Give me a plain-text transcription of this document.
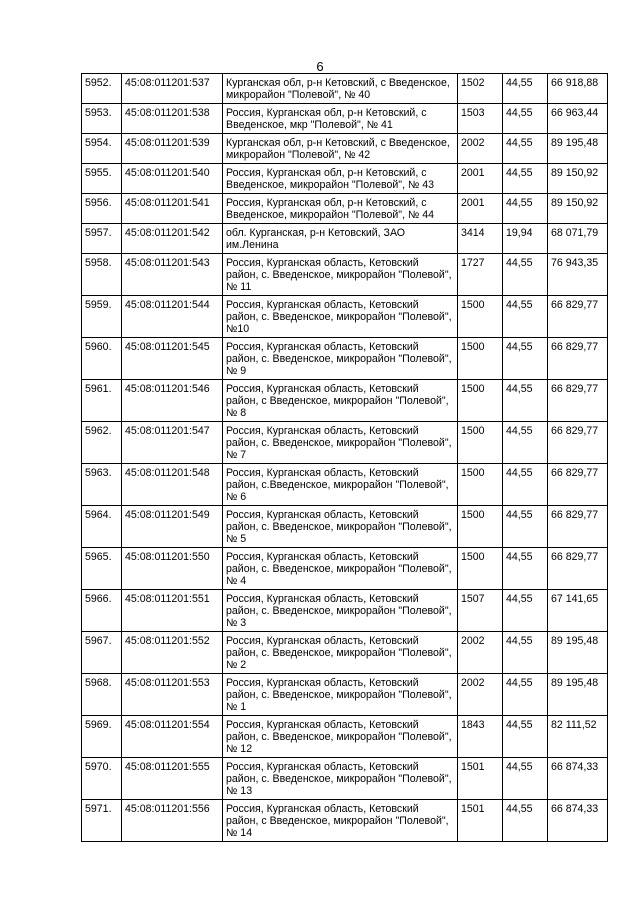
6
5952.	45:08:011201:537	Курганская обл, р-н Кетовский, с Введенское, микрорайон "Полевой", № 40	1502	44,55	66 918,88
5953.	45:08:011201:538	Россия, Курганская обл, р-н Кетовский, с Введенское, мкр "Полевой", № 41	1503	44,55	66 963,44
5954.	45:08:011201:539	Курганская обл, р-н Кетовский, с Введенское, микрорайон "Полевой", № 42	2002	44,55	89 195,48
5955.	45:08:011201:540	Россия, Курганская обл, р-н Кетовский, с Введенское, микрорайон "Полевой", № 43	2001	44,55	89 150,92
5956.	45:08:011201:541	Россия, Курганская обл, р-н Кетовский, с Введенское, микрорайон "Полевой", № 44	2001	44,55	89 150,92
5957.	45:08:011201:542	обл. Курганская, р-н Кетовский, ЗАО им.Ленина	3414	19,94	68 071,79
5958.	45:08:011201:543	Россия, Курганская область, Кетовский район, с. Введенское, микрорайон "Полевой", № 11	1727	44,55	76 943,35
5959.	45:08:011201:544	Россия, Курганская область, Кетовский район, с. Введенское, микрорайон "Полевой", №10	1500	44,55	66 829,77
5960.	45:08:011201:545	Россия, Курганская область, Кетовский район, с. Введенское, микрорайон "Полевой", № 9	1500	44,55	66 829,77
5961.	45:08:011201:546	Россия, Курганская область, Кетовский район, с Введенское, микрорайон "Полевой", № 8	1500	44,55	66 829,77
5962.	45:08:011201:547	Россия, Курганская область, Кетовский район, с. Введенское, микрорайон "Полевой", № 7	1500	44,55	66 829,77
5963.	45:08:011201:548	Россия, Курганская область, Кетовский район, с.Введенское, микрорайон "Полевой", № 6	1500	44,55	66 829,77
5964.	45:08:011201:549	Россия, Курганская область, Кетовский район, с. Введенское, микрорайон "Полевой", № 5	1500	44,55	66 829,77
5965.	45:08:011201:550	Россия, Курганская область, Кетовский район, с. Введенское, микрорайон "Полевой", № 4	1500	44,55	66 829,77
5966.	45:08:011201:551	Россия, Курганская область, Кетовский район, с. Введенское, микрорайон "Полевой", № 3	1507	44,55	67 141,65
5967.	45:08:011201:552	Россия, Курганская область, Кетовский район, с. Введенское, микрорайон "Полевой", № 2	2002	44,55	89 195,48
5968.	45:08:011201:553	Россия, Курганская область, Кетовский район, с. Введенское, микрорайон "Полевой", № 1	2002	44,55	89 195,48
5969.	45:08:011201:554	Россия, Курганская область, Кетовский район, с. Введенское, микрорайон "Полевой", № 12	1843	44,55	82 111,52
5970.	45:08:011201:555	Россия, Курганская область, Кетовский район, с. Введенское, микрорайон "Полевой", № 13	1501	44,55	66 874,33
5971.	45:08:011201:556	Россия, Курганская область, Кетовский район, с Введенское, микрорайон "Полевой", № 14	1501	44,55	66 874,33
